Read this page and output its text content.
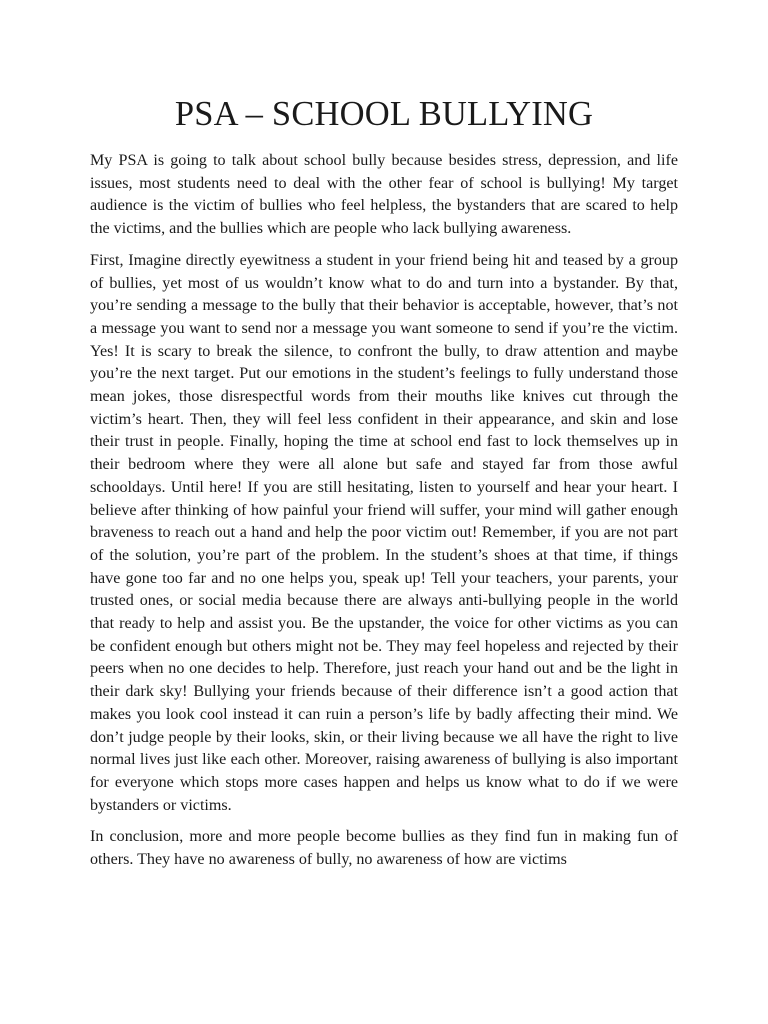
PSA – SCHOOL BULLYING

My PSA is going to talk about school bully because besides stress, depression, and life issues, most students need to deal with the other fear of school is bullying! My target audience is the victim of bullies who feel helpless, the bystanders that are scared to help the victims, and the bullies which are people who lack bullying awareness.

First, Imagine directly eyewitness a student in your friend being hit and teased by a group of bullies, yet most of us wouldn’t know what to do and turn into a bystander. By that, you’re sending a message to the bully that their behavior is acceptable, however, that’s not a message you want to send nor a message you want someone to send if you’re the victim. Yes! It is scary to break the silence, to confront the bully, to draw attention and maybe you’re the next target. Put our emotions in the student’s feelings to fully understand those mean jokes, those disrespectful words from their mouths like knives cut through the victim’s heart. Then, they will feel less confident in their appearance, and skin and lose their trust in people. Finally, hoping the time at school end fast to lock themselves up in their bedroom where they were all alone but safe and stayed far from those awful schooldays. Until here! If you are still hesitating, listen to yourself and hear your heart. I believe after thinking of how painful your friend will suffer, your mind will gather enough braveness to reach out a hand and help the poor victim out! Remember, if you are not part of the solution, you’re part of the problem. In the student’s shoes at that time, if things have gone too far and no one helps you, speak up! Tell your teachers, your parents, your trusted ones, or social media because there are always anti-bullying people in the world that ready to help and assist you. Be the upstander, the voice for other victims as you can be confident enough but others might not be. They may feel hopeless and rejected by their peers when no one decides to help. Therefore, just reach your hand out and be the light in their dark sky! Bullying your friends because of their difference isn’t a good action that makes you look cool instead it can ruin a person’s life by badly affecting their mind. We don’t judge people by their looks, skin, or their living because we all have the right to live normal lives just like each other. Moreover, raising awareness of bullying is also important for everyone which stops more cases happen and helps us know what to do if we were bystanders or victims.

In conclusion, more and more people become bullies as they find fun in making fun of others. They have no awareness of bully, no awareness of how are victims
